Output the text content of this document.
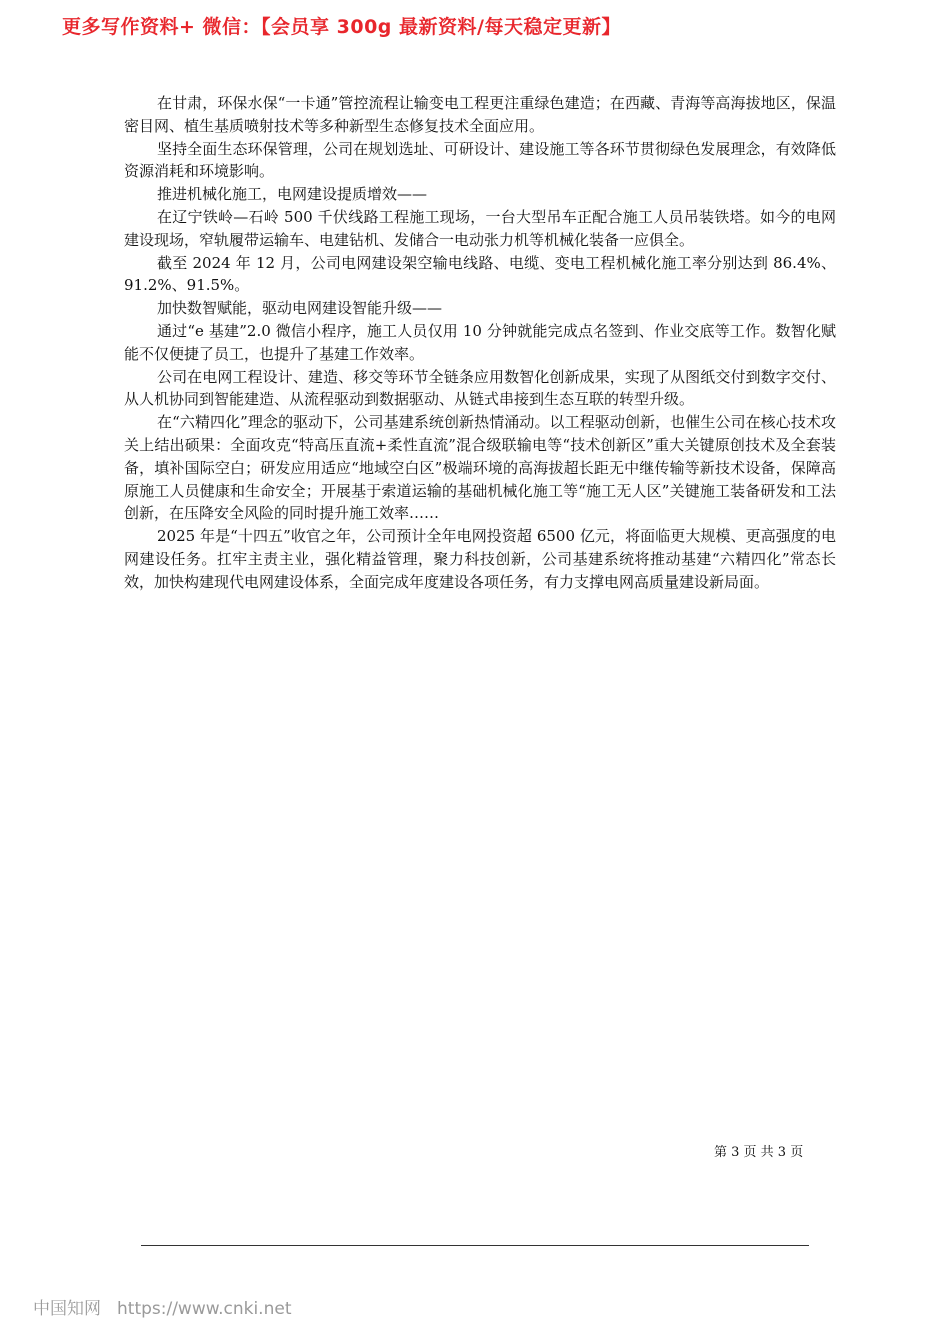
更多写作资料+ 微信：【会员享 300g 最新资料/每天稳定更新】

在甘肃，环保水保“一卡通”管控流程让输变电工程更注重绿色建造；在西藏、青海等高海拔地区，保温密目网、植生基质喷射技术等多种新型生态修复技术全面应用。

坚持全面生态环保管理，公司在规划选址、可研设计、建设施工等各环节贯彻绿色发展理念，有效降低资源消耗和环境影响。

推进机械化施工，电网建设提质增效——

在辽宁铁岭—石岭 500 千伏线路工程施工现场，一台大型吊车正配合施工人员吊装铁塔。如今的电网建设现场，窄轨履带运输车、电建钻机、发储合一电动张力机等机械化装备一应俱全。

截至 2024 年 12 月，公司电网建设架空输电线路、电缆、变电工程机械化施工率分别达到 86.4%、91.2%、91.5%。

加快数智赋能，驱动电网建设智能升级——

通过“e 基建”2.0 微信小程序，施工人员仅用 10 分钟就能完成点名签到、作业交底等工作。数智化赋能不仅便捷了员工，也提升了基建工作效率。

公司在电网工程设计、建造、移交等环节全链条应用数智化创新成果，实现了从图纸交付到数字交付、从人机协同到智能建造、从流程驱动到数据驱动、从链式串接到生态互联的转型升级。

在“六精四化”理念的驱动下，公司基建系统创新热情涌动。以工程驱动创新，也催生公司在核心技术攻关上结出硕果：全面攻克“特高压直流+柔性直流”混合级联输电等“技术创新区”重大关键原创技术及全套装备，填补国际空白；研发应用适应“地域空白区”极端环境的高海拔超长距无中继传输等新技术设备，保障高原施工人员健康和生命安全；开展基于索道运输的基础机械化施工等“施工无人区”关键施工装备研发和工法创新，在压降安全风险的同时提升施工效率……

2025 年是“十四五”收官之年，公司预计全年电网投资超 6500 亿元，将面临更大规模、更高强度的电网建设任务。扛牢主责主业，强化精益管理，聚力科技创新，公司基建系统将推动基建“六精四化”常态长效，加快构建现代电网建设体系，全面完成年度建设各项任务，有力支撑电网高质量建设新局面。

第 3 页 共 3 页
中国知网 https://www.cnki.net
